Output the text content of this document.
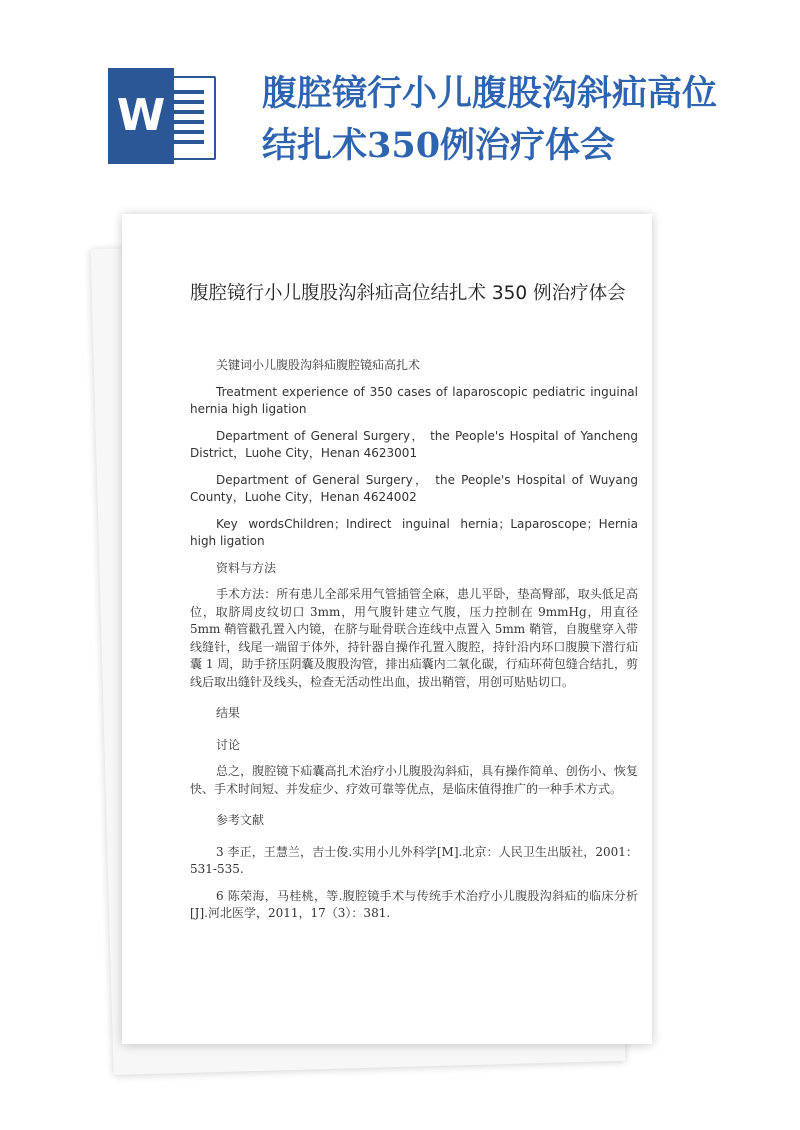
W	腹腔镜行小儿腹股沟斜疝高位结扎术350例治疗体会
腹腔镜行小儿腹股沟斜疝高位结扎术 350 例治疗体会

关键词小儿腹股沟斜疝腹腔镜疝高扎术

Treatment experience of 350 cases of laparoscopic pediatric inguinal hernia high ligation

Department of General Surgery， the People's Hospital of Yancheng District，Luohe City，Henan 4623001

Department of General Surgery， the People's Hospital of Wuyang County，Luohe City，Henan 4624002

Key wordsChildren；Indirect inguinal hernia；Laparoscope；Hernia high ligation

资料与方法

手术方法：所有患儿全部采用气管插管全麻，患儿平卧，垫高臀部，取头低足高位，取脐周皮纹切口 3mm，用气腹针建立气腹，压力控制在 9mmHg，用直径 5mm 鞘管戳孔置入内镜，在脐与耻骨联合连线中点置入 5mm 鞘管，自腹壁穿入带线缝针，线尾一端留于体外，持针器自操作孔置入腹腔，持针沿内环口腹膜下潜行疝囊 1 周，助手挤压阴囊及腹股沟管，排出疝囊内二氧化碳，行疝环荷包缝合结扎，剪线后取出缝针及线头，检查无活动性出血，拔出鞘管，用创可贴贴切口。

结果

讨论

总之，腹腔镜下疝囊高扎术治疗小儿腹股沟斜疝，具有操作简单、创伤小、恢复快、手术时间短、并发症少、疗效可靠等优点，是临床值得推广的一种手术方式。

参考文献

3 李正，王慧兰，吉士俊.实用小儿外科学[M].北京：人民卫生出版社，2001：531-535.

6 陈荣海，马桂桃，等.腹腔镜手术与传统手术治疗小儿腹股沟斜疝的临床分析[J].河北医学，2011，17（3）：381.
